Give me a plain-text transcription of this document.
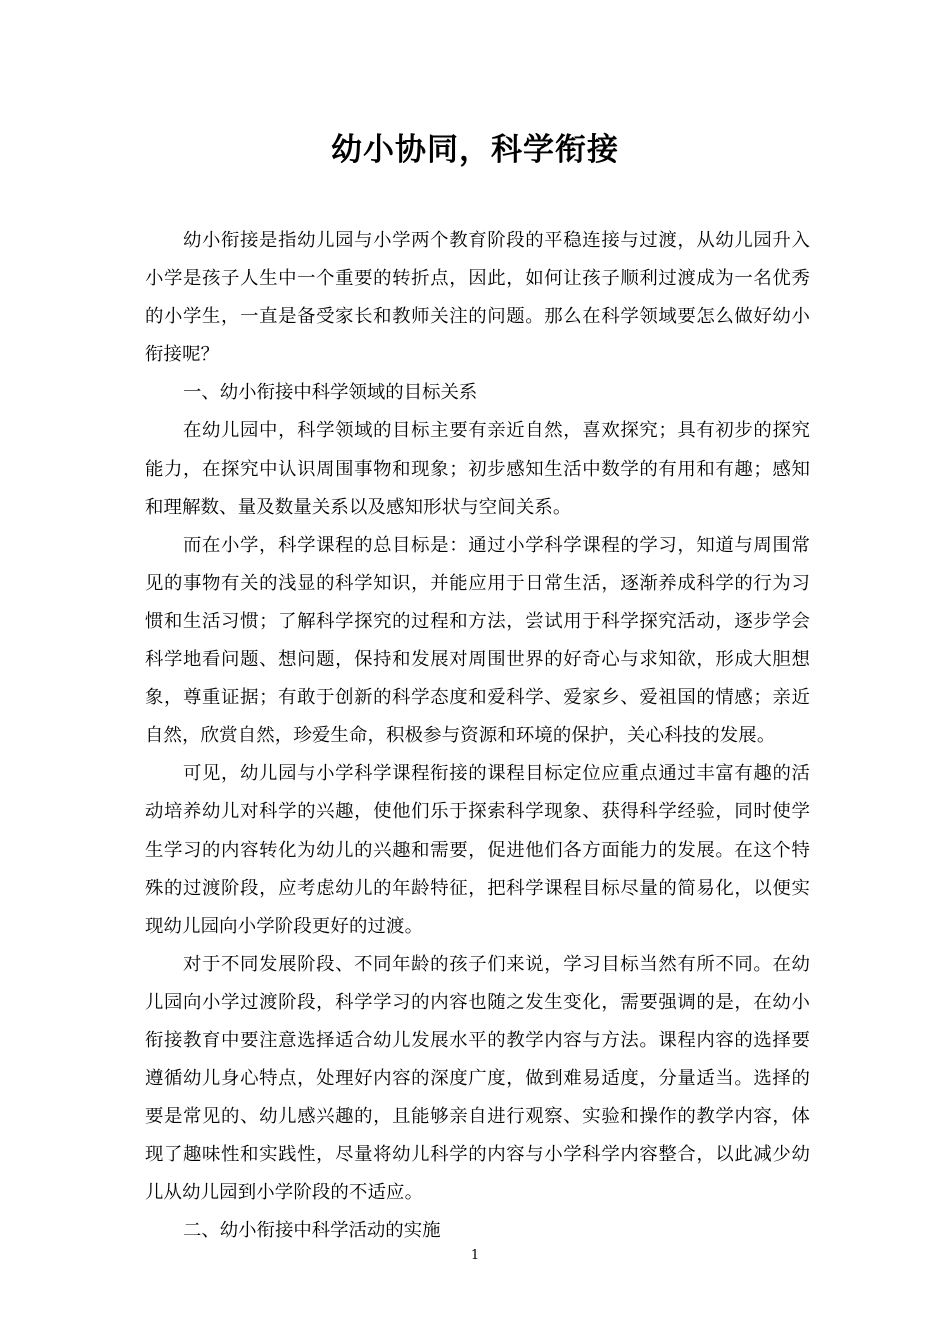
幼小协同，科学衔接

幼小衔接是指幼儿园与小学两个教育阶段的平稳连接与过渡，从幼儿园升入小学是孩子人生中一个重要的转折点，因此，如何让孩子顺利过渡成为一名优秀的小学生，一直是备受家长和教师关注的问题。那么在科学领域要怎么做好幼小衔接呢？

一、幼小衔接中科学领域的目标关系

在幼儿园中，科学领域的目标主要有亲近自然，喜欢探究；具有初步的探究能力，在探究中认识周围事物和现象；初步感知生活中数学的有用和有趣；感知和理解数、量及数量关系以及感知形状与空间关系。

而在小学，科学课程的总目标是：通过小学科学课程的学习，知道与周围常见的事物有关的浅显的科学知识，并能应用于日常生活，逐渐养成科学的行为习惯和生活习惯；了解科学探究的过程和方法，尝试用于科学探究活动，逐步学会科学地看问题、想问题，保持和发展对周围世界的好奇心与求知欲，形成大胆想象，尊重证据；有敢于创新的科学态度和爱科学、爱家乡、爱祖国的情感；亲近自然，欣赏自然，珍爱生命，积极参与资源和环境的保护，关心科技的发展。

可见，幼儿园与小学科学课程衔接的课程目标定位应重点通过丰富有趣的活动培养幼儿对科学的兴趣，使他们乐于探索科学现象、获得科学经验，同时使学生学习的内容转化为幼儿的兴趣和需要，促进他们各方面能力的发展。在这个特殊的过渡阶段，应考虑幼儿的年龄特征，把科学课程目标尽量的简易化，以便实现幼儿园向小学阶段更好的过渡。

对于不同发展阶段、不同年龄的孩子们来说，学习目标当然有所不同。在幼儿园向小学过渡阶段，科学学习的内容也随之发生变化，需要强调的是，在幼小衔接教育中要注意选择适合幼儿发展水平的教学内容与方法。课程内容的选择要遵循幼儿身心特点，处理好内容的深度广度，做到难易适度，分量适当。选择的要是常见的、幼儿感兴趣的，且能够亲自进行观察、实验和操作的教学内容，体现了趣味性和实践性，尽量将幼儿科学的内容与小学科学内容整合，以此减少幼儿从幼儿园到小学阶段的不适应。

二、幼小衔接中科学活动的实施

1
